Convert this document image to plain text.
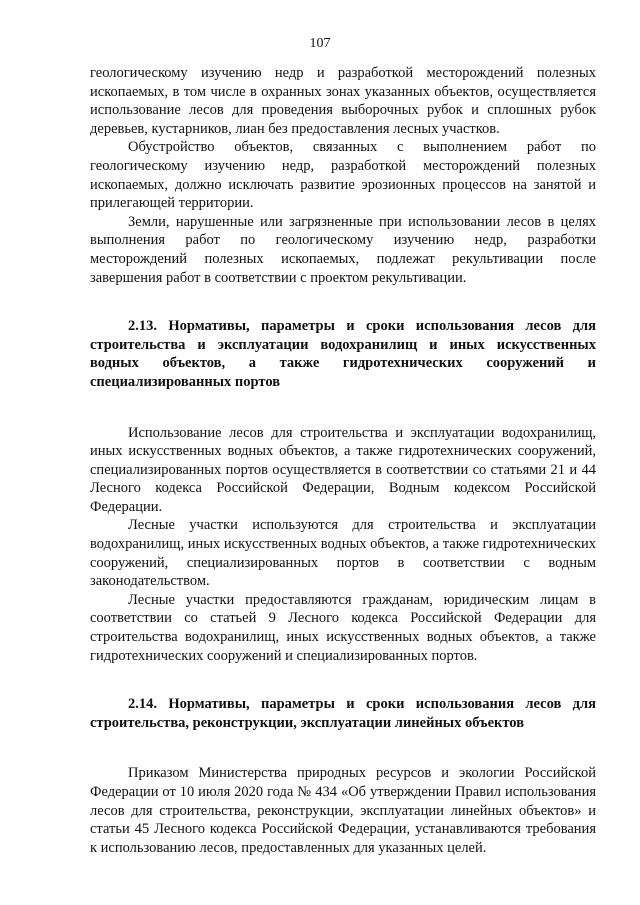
107

геологическому изучению недр и разработкой месторождений полезных ископаемых, в том числе в охранных зонах указанных объектов, осуществляется использование лесов для проведения выборочных рубок и сплошных рубок деревьев, кустарников, лиан без предоставления лесных участков.

Обустройство объектов, связанных с выполнением работ по геологическому изучению недр, разработкой месторождений полезных ископаемых, должно исключать развитие эрозионных процессов на занятой и прилегающей территории.

Земли, нарушенные или загрязненные при использовании лесов в целях выполнения работ по геологическому изучению недр, разработки месторождений полезных ископаемых, подлежат рекультивации после завершения работ в соответствии с проектом рекультивации.

2.13. Нормативы, параметры и сроки использования лесов для строительства и эксплуатации водохранилищ и иных искусственных водных объектов, а также гидротехнических сооружений и специализированных портов

Использование лесов для строительства и эксплуатации водохранилищ, иных искусственных водных объектов, а также гидротехнических сооружений, специализированных портов осуществляется в соответствии со статьями 21 и 44 Лесного кодекса Российской Федерации, Водным кодексом Российской Федерации.

Лесные участки используются для строительства и эксплуатации водохранилищ, иных искусственных водных объектов, а также гидротехнических сооружений, специализированных портов в соответствии с водным законодательством.

Лесные участки предоставляются гражданам, юридическим лицам в соответствии со статьей 9 Лесного кодекса Российской Федерации для строительства водохранилищ, иных искусственных водных объектов, а также гидротехнических сооружений и специализированных портов.

2.14. Нормативы, параметры и сроки использования лесов для строительства, реконструкции, эксплуатации линейных объектов

Приказом Министерства природных ресурсов и экологии Российской Федерации от 10 июля 2020 года № 434 «Об утверждении Правил использования лесов для строительства, реконструкции, эксплуатации линейных объектов» и статьи 45 Лесного кодекса Российской Федерации, устанавливаются требования к использованию лесов, предоставленных для указанных целей.
